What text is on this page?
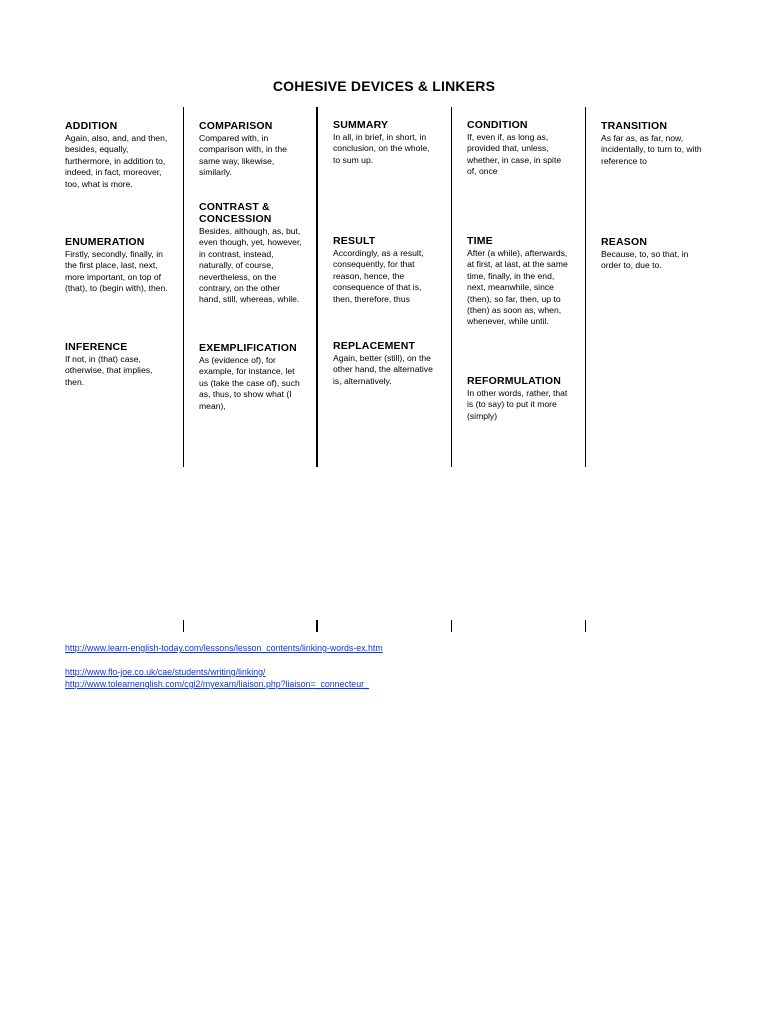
COHESIVE DEVICES & LINKERS
ADDITION
Again, also, and, and then, besides, equally, furthermore, in addition to, indeed, in fact, moreover, too, what is more.
ENUMERATION
Firstly, secondly, finally, in the first place, last, next, more important, on top of (that), to (begin with), then.
INFERENCE
If not, in (that) case, otherwise, that implies, then.
COMPARISON
Compared with, in comparison with, in the same way, likewise, similarly.
CONTRAST & CONCESSION
Besides, although, as, but, even though, yet, however, in contrast, instead, naturally, of course, nevertheless, on the contrary, on the other hand, still, whereas, while.
EXEMPLIFICATION
As (evidence of), for example, for instance, let us (take the case of), such as, thus, to show what (I mean),
SUMMARY
In all, in brief, in short, in conclusion, on the whole, to sum up.
RESULT
Accordingly, as a result, consequently, for that reason, hence, the consequence of that is, then, therefore, thus
REPLACEMENT
Again, better (still), on the other hand, the alternative is, alternatively.
CONDITION
If, even if, as long as, provided that, unless, whether, in case, in spite of, once
TIME
After (a while), afterwards, at first, at last, at the same time, finally, in the end, next, meanwhile, since (then), so far, then, up to (then) as soon as, when, whenever, while until.
REFORMULATION
In other words, rather, that is (to say) to put it more (simply)
TRANSITION
As far as, as far, now, incidentally, to turn to, with reference to
REASON
Because, to, so that, in order to, due to.
http://www.learn-english-today.com/lessons/lesson_contents/linking-words-ex.htm
http://www.flo-joe.co.uk/cae/students/writing/linking/
http://www.tolearnenglish.com/cgi2/myexam/liaison.php?liaison=_connecteur_
